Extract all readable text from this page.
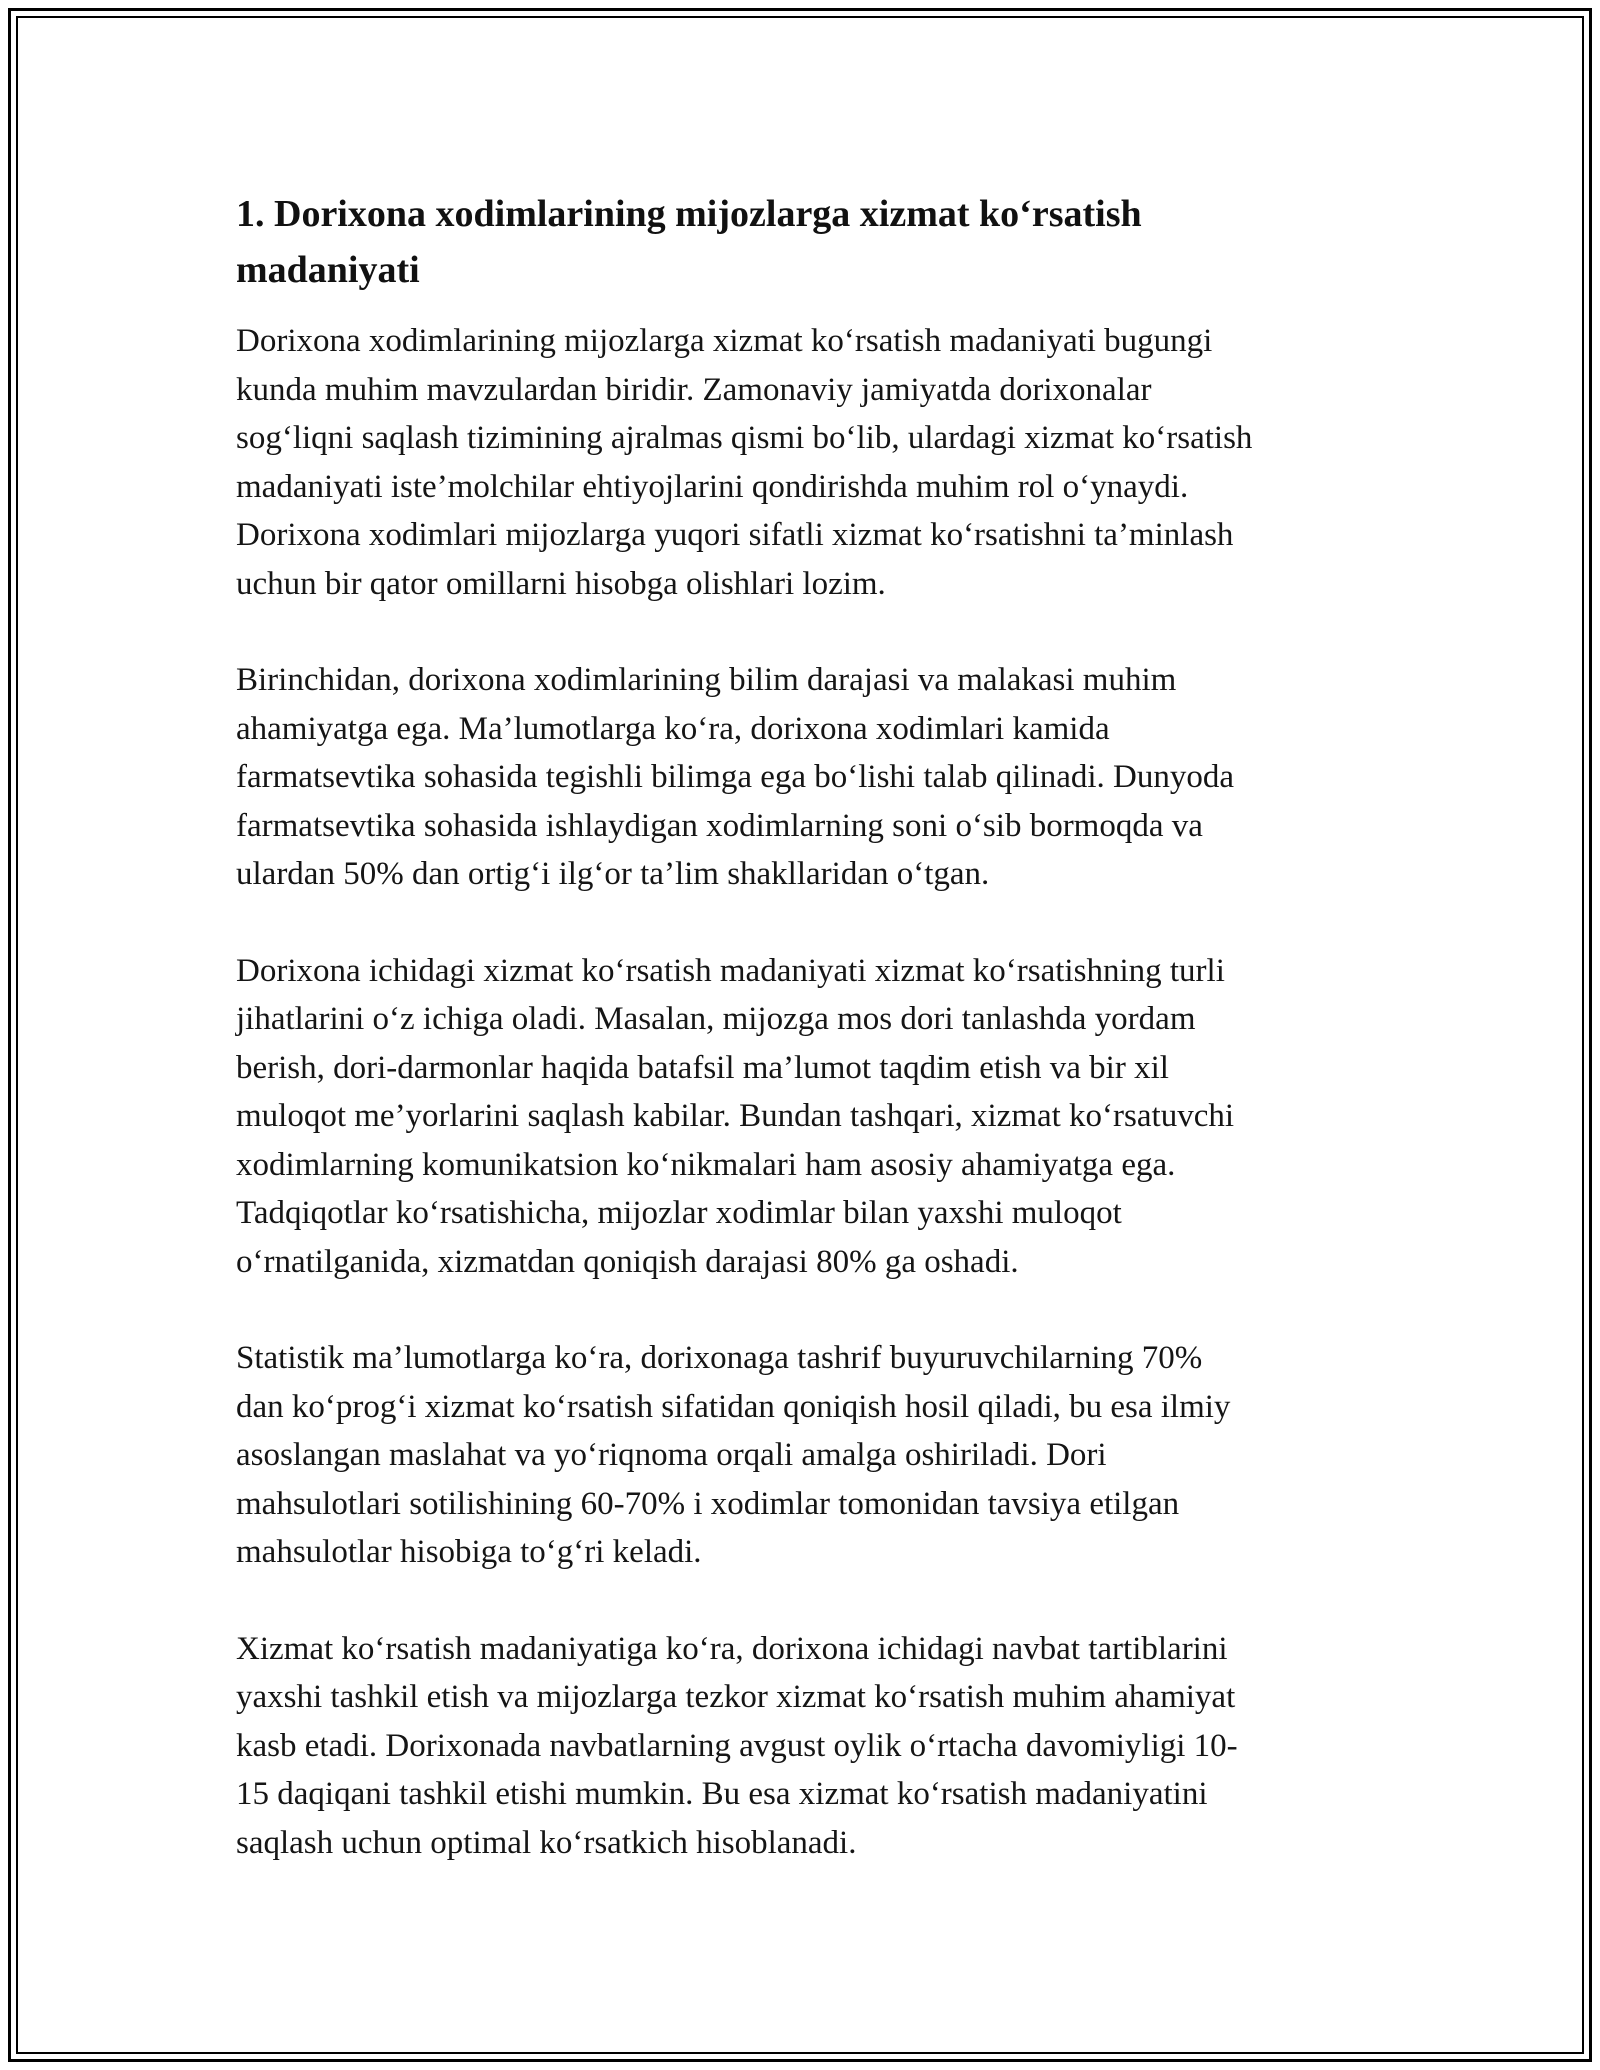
1. Dorixona xodimlarining mijozlarga xizmat ko‘rsatish
madaniyati

Dorixona xodimlarining mijozlarga xizmat ko‘rsatish madaniyati bugungi
kunda muhim mavzulardan biridir. Zamonaviy jamiyatda dorixonalar
sog‘liqni saqlash tizimining ajralmas qismi bo‘lib, ulardagi xizmat ko‘rsatish
madaniyati iste’molchilar ehtiyojlarini qondirishda muhim rol o‘ynaydi.
Dorixona xodimlari mijozlarga yuqori sifatli xizmat ko‘rsatishni ta’minlash
uchun bir qator omillarni hisobga olishlari lozim.

Birinchidan, dorixona xodimlarining bilim darajasi va malakasi muhim
ahamiyatga ega. Ma’lumotlarga ko‘ra, dorixona xodimlari kamida
farmatsevtika sohasida tegishli bilimga ega bo‘lishi talab qilinadi. Dunyoda
farmatsevtika sohasida ishlaydigan xodimlarning soni o‘sib bormoqda va
ulardan 50% dan ortig‘i ilg‘or ta’lim shakllaridan o‘tgan.

Dorixona ichidagi xizmat ko‘rsatish madaniyati xizmat ko‘rsatishning turli
jihatlarini o‘z ichiga oladi. Masalan, mijozga mos dori tanlashda yordam
berish, dori-darmonlar haqida batafsil ma’lumot taqdim etish va bir xil
muloqot me’yorlarini saqlash kabilar. Bundan tashqari, xizmat ko‘rsatuvchi
xodimlarning komunikatsion ko‘nikmalari ham asosiy ahamiyatga ega.
Tadqiqotlar ko‘rsatishicha, mijozlar xodimlar bilan yaxshi muloqot
o‘rnatilganida, xizmatdan qoniqish darajasi 80% ga oshadi.

Statistik ma’lumotlarga ko‘ra, dorixonaga tashrif buyuruvchilarning 70%
dan ko‘prog‘i xizmat ko‘rsatish sifatidan qoniqish hosil qiladi, bu esa ilmiy
asoslangan maslahat va yo‘riqnoma orqali amalga oshiriladi. Dori
mahsulotlari sotilishining 60-70% i xodimlar tomonidan tavsiya etilgan
mahsulotlar hisobiga to‘g‘ri keladi.

Xizmat ko‘rsatish madaniyatiga ko‘ra, dorixona ichidagi navbat tartiblarini
yaxshi tashkil etish va mijozlarga tezkor xizmat ko‘rsatish muhim ahamiyat
kasb etadi. Dorixonada navbatlarning avgust oylik o‘rtacha davomiyligi 10-
15 daqiqani tashkil etishi mumkin. Bu esa xizmat ko‘rsatish madaniyatini
saqlash uchun optimal ko‘rsatkich hisoblanadi.
